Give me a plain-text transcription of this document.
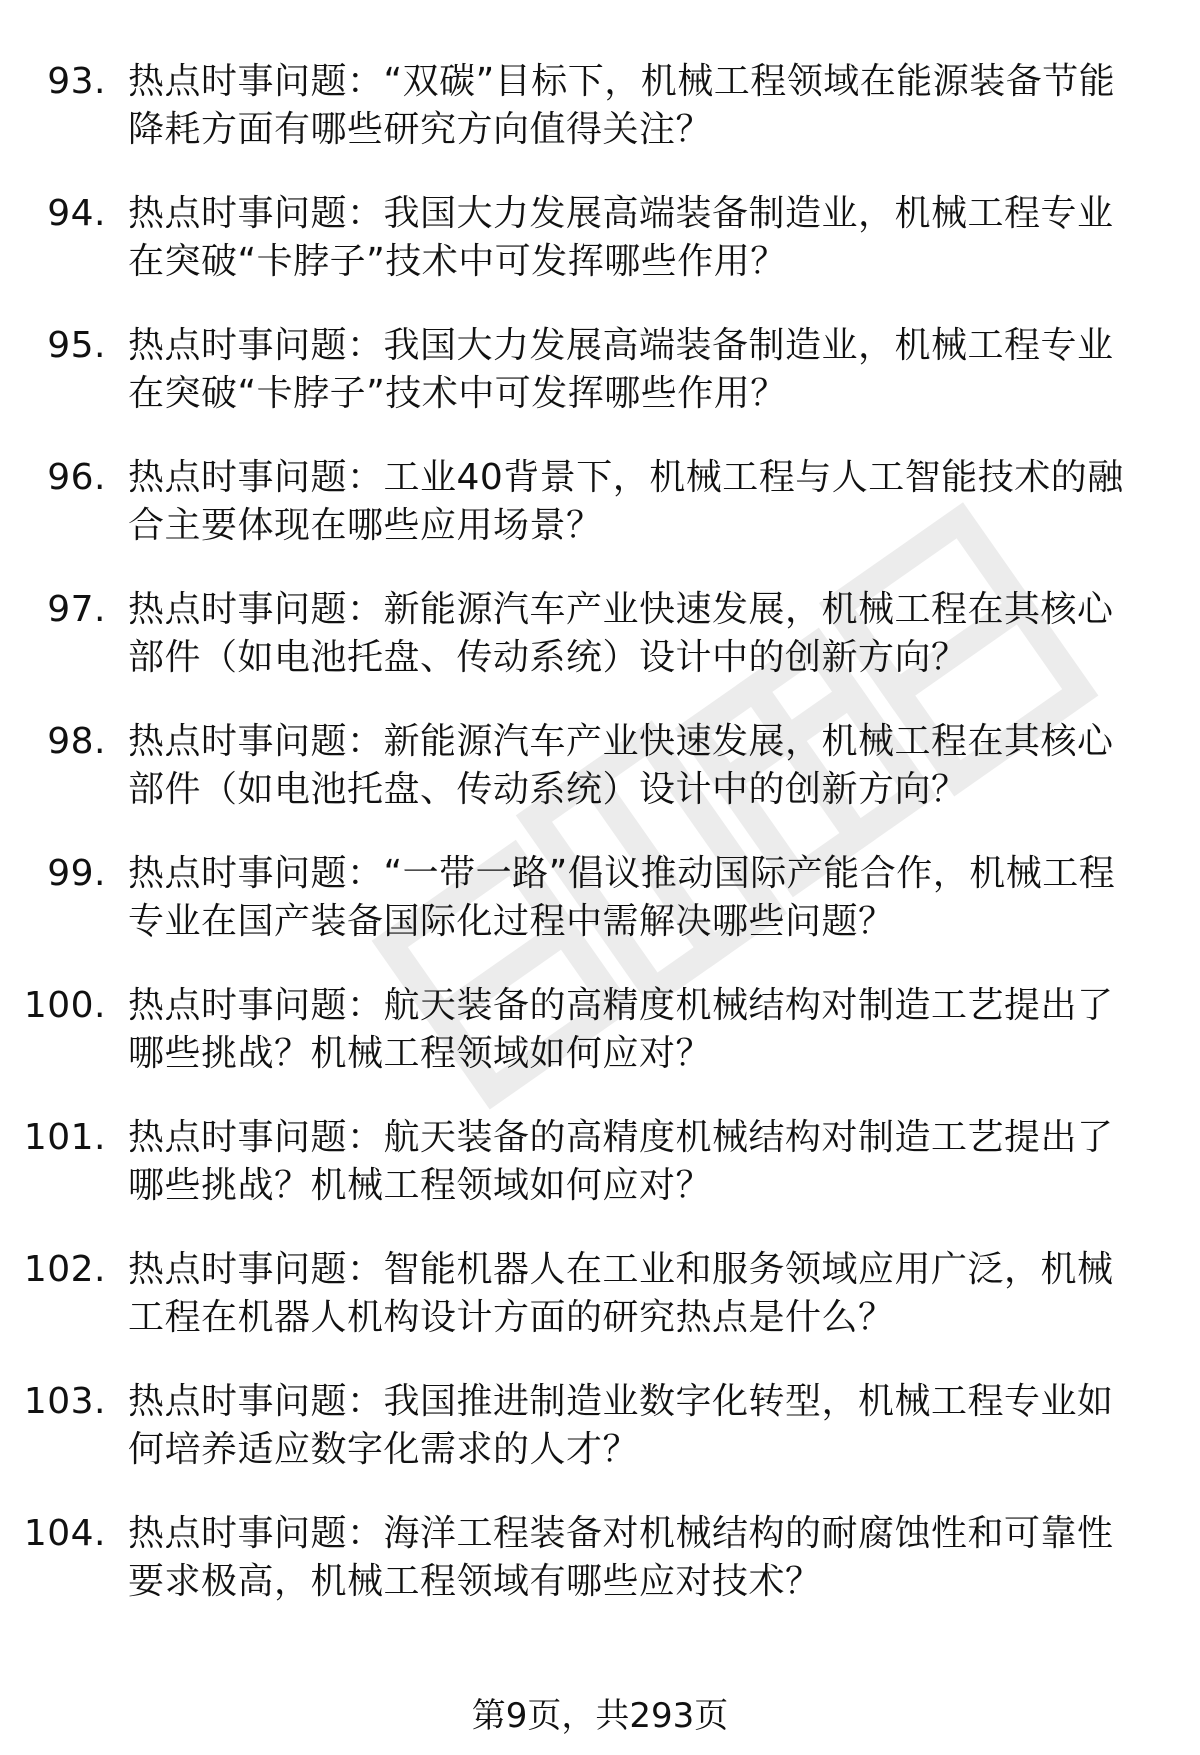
93. 热点时事问题：“双碳”目标下，机械工程领域在能源装备节能降耗方面有哪些研究方向值得关注？
94. 热点时事问题：我国大力发展高端装备制造业，机械工程专业在突破“卡脖子”技术中可发挥哪些作用？
95. 热点时事问题：我国大力发展高端装备制造业，机械工程专业在突破“卡脖子”技术中可发挥哪些作用？
96. 热点时事问题：工业40背景下，机械工程与人工智能技术的融合主要体现在哪些应用场景？
97. 热点时事问题：新能源汽车产业快速发展，机械工程在其核心部件（如电池托盘、传动系统）设计中的创新方向？
98. 热点时事问题：新能源汽车产业快速发展，机械工程在其核心部件（如电池托盘、传动系统）设计中的创新方向？
99. 热点时事问题：“一带一路”倡议推动国际产能合作，机械工程专业在国产装备国际化过程中需解决哪些问题？
100. 热点时事问题：航天装备的高精度机械结构对制造工艺提出了哪些挑战？机械工程领域如何应对？
101. 热点时事问题：航天装备的高精度机械结构对制造工艺提出了哪些挑战？机械工程领域如何应对？
102. 热点时事问题：智能机器人在工业和服务领域应用广泛，机械工程在机器人机构设计方面的研究热点是什么？
103. 热点时事问题：我国推进制造业数字化转型，机械工程专业如何培养适应数字化需求的人才？
104. 热点时事问题：海洋工程装备对机械结构的耐腐蚀性和可靠性要求极高，机械工程领域有哪些应对技术？
第9页，共293页
